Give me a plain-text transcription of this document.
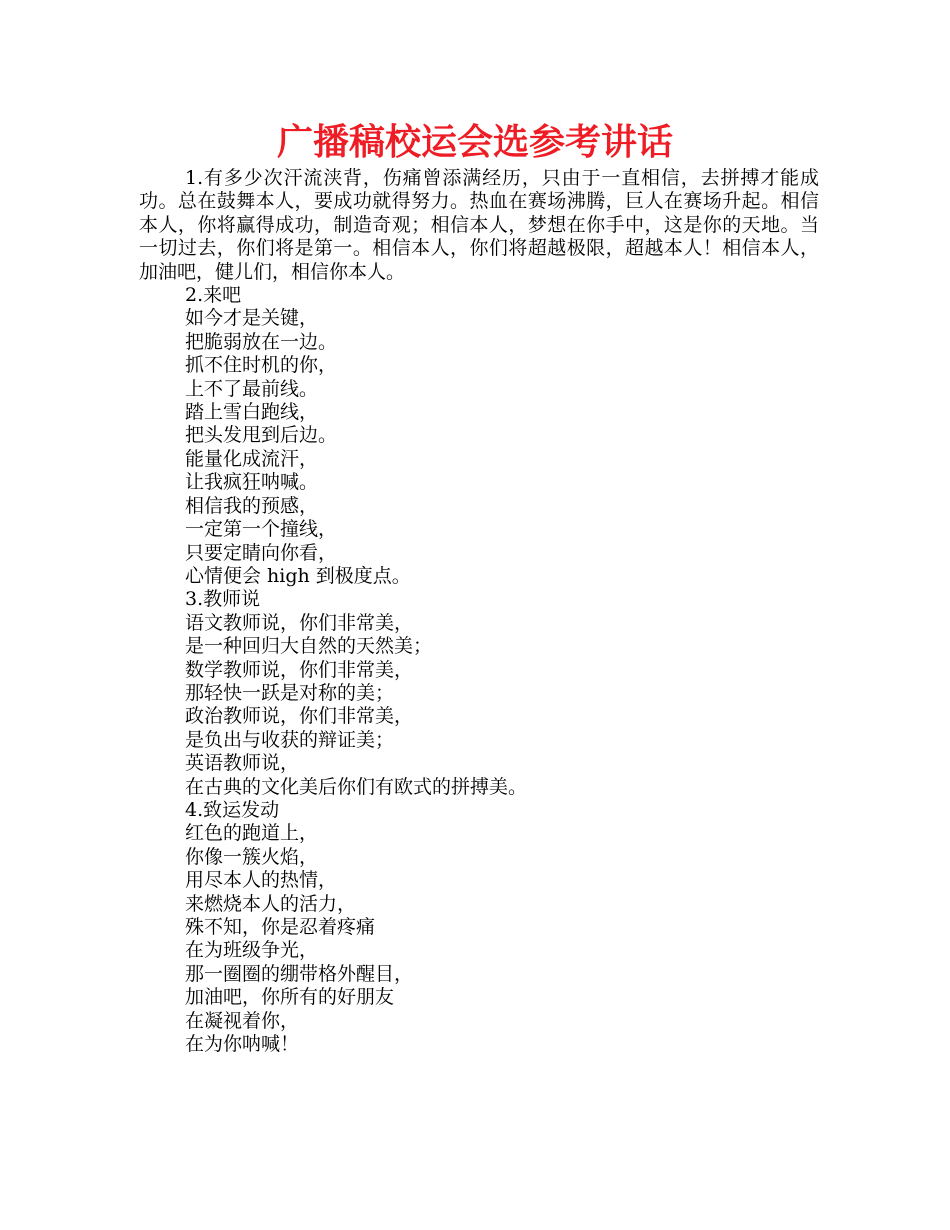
广播稿校运会选参考讲话

1.有多少次汗流浃背，伤痛曾添满经历，只由于一直相信，去拼搏才能成功。总在鼓舞本人，要成功就得努力。热血在赛场沸腾，巨人在赛场升起。相信本人，你将赢得成功，制造奇观；相信本人，梦想在你手中，这是你的天地。当一切过去，你们将是第一。相信本人，你们将超越极限，超越本人！相信本人，加油吧，健儿们，相信你本人。

2.来吧

如今才是关键，

把脆弱放在一边。

抓不住时机的你，

上不了最前线。

踏上雪白跑线，

把头发甩到后边。

能量化成流汗，

让我疯狂呐喊。

相信我的预感，

一定第一个撞线，

只要定睛向你看，

心情便会 high 到极度点。

3.教师说

语文教师说，你们非常美，

是一种回归大自然的天然美；

数学教师说，你们非常美，

那轻快一跃是对称的美；

政治教师说，你们非常美，

是负出与收获的辩证美；

英语教师说，

在古典的文化美后你们有欧式的拼搏美。

4.致运发动

红色的跑道上，

你像一簇火焰，

用尽本人的热情，

来燃烧本人的活力，

殊不知，你是忍着疼痛

在为班级争光，

那一圈圈的绷带格外醒目，

加油吧，你所有的好朋友

在凝视着你，

在为你呐喊！
